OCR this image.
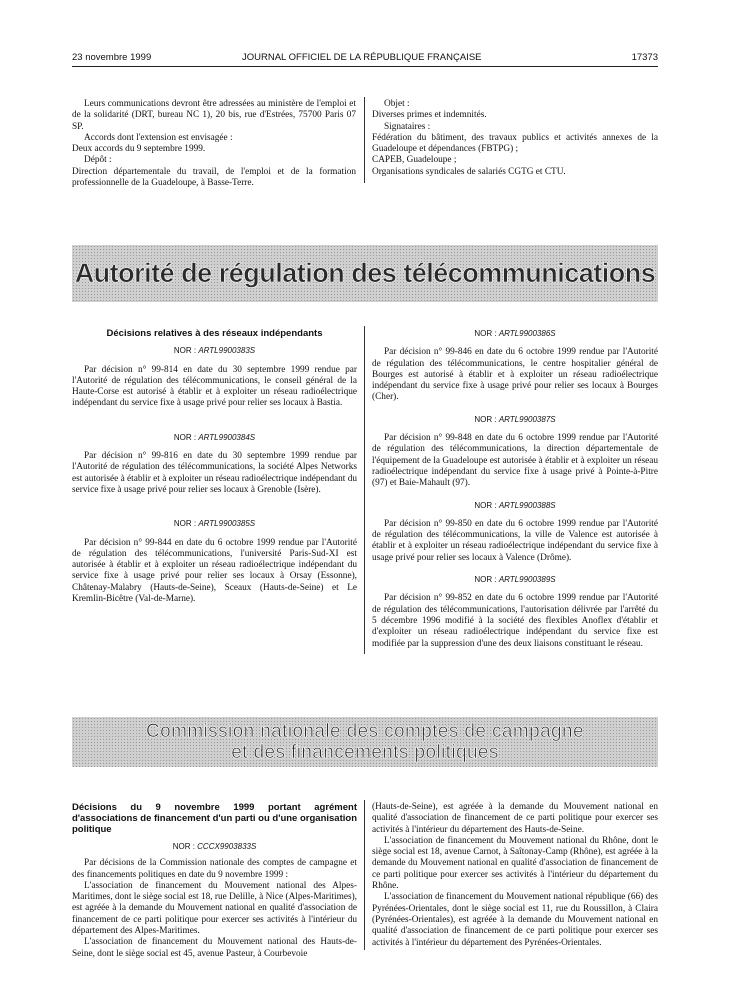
23 novembre 1999	JOURNAL OFFICIEL DE LA RÉPUBLIQUE FRANÇAISE	17373

Leurs communications devront être adressées au ministère de l'emploi et de la solidarité (DRT, bureau NC 1), 20 bis, rue d'Estrées, 75700 Paris 07 SP.

Accords dont l'extension est envisagée :

Deux accords du 9 septembre 1999.

Dépôt :

Direction départementale du travail, de l'emploi et de la formation professionnelle de la Guadeloupe, à Basse-Terre.

Objet :

Diverses primes et indemnités.

Signataires :

Fédération du bâtiment, des travaux publics et activités annexes de la Guadeloupe et dépendances (FBTPG) ;

CAPEB, Guadeloupe ;

Organisations syndicales de salariés CGTG et CTU.

Autorité de régulation des télécommunications

Décisions relatives à des réseaux indépendants

NOR : ARTL9900383S

Par décision n° 99-814 en date du 30 septembre 1999 rendue par l'Autorité de régulation des télécommunications, le conseil général de la Haute-Corse est autorisé à établir et à exploiter un réseau radioélectrique indépendant du service fixe à usage privé pour relier ses locaux à Bastia.

NOR : ARTL9900384S

Par décision n° 99-816 en date du 30 septembre 1999 rendue par l'Autorité de régulation des télécommunications, la société Alpes Networks est autorisée à établir et à exploiter un réseau radioélectrique indépendant du service fixe à usage privé pour relier ses locaux à Grenoble (Isère).

NOR : ARTL9900385S

Par décision n° 99-844 en date du 6 octobre 1999 rendue par l'Autorité de régulation des télécommunications, l'université Paris-Sud-XI est autorisée à établir et à exploiter un réseau radioélectrique indépendant du service fixe à usage privé pour relier ses locaux à Orsay (Essonne), Châtenay-Malabry (Hauts-de-Seine), Sceaux (Hauts-de-Seine) et Le Kremlin-Bicêtre (Val-de-Marne).

NOR : ARTL9900386S

Par décision n° 99-846 en date du 6 octobre 1999 rendue par l'Autorité de régulation des télécommunications, le centre hospitalier général de Bourges est autorisé à établir et à exploiter un réseau radioélectrique indépendant du service fixe à usage privé pour relier ses locaux à Bourges (Cher).

NOR : ARTL9900387S

Par décision n° 99-848 en date du 6 octobre 1999 rendue par l'Autorité de régulation des télécommunications, la direction départementale de l'équipement de la Guadeloupe est autorisée à établir et à exploiter un réseau radioélectrique indépendant du service fixe à usage privé à Pointe-à-Pitre (97) et Baie-Mahault (97).

NOR : ARTL9900388S

Par décision n° 99-850 en date du 6 octobre 1999 rendue par l'Autorité de régulation des télécommunications, la ville de Valence est autorisée à établir et à exploiter un réseau radioélectrique indépendant du service fixe à usage privé pour relier ses locaux à Valence (Drôme).

NOR : ARTL9900389S

Par décision n° 99-852 en date du 6 octobre 1999 rendue par l'Autorité de régulation des télécommunications, l'autorisation délivrée par l'arrêté du 5 décembre 1996 modifié à la société des flexibles Anoflex d'établir et d'exploiter un réseau radioélectrique indépendant du service fixe est modifiée par la suppression d'une des deux liaisons constituant le réseau.

Commission nationale des comptes de campagne
et des financements politiques

Décisions du 9 novembre 1999 portant agrément d'associations de financement d'un parti ou d'une organisation politique

NOR : CCCX9903833S

Par décisions de la Commission nationale des comptes de campagne et des financements politiques en date du 9 novembre 1999 :

L'association de financement du Mouvement national des Alpes-Maritimes, dont le siège social est 18, rue Delille, à Nice (Alpes-Maritimes), est agréée à la demande du Mouvement national en qualité d'association de financement de ce parti politique pour exercer ses activités à l'intérieur du département des Alpes-Maritimes.

L'association de financement du Mouvement national des Hauts-de-Seine, dont le siège social est 45, avenue Pasteur, à Courbevoie

(Hauts-de-Seine), est agréée à la demande du Mouvement national en qualité d'association de financement de ce parti politique pour exercer ses activités à l'intérieur du département des Hauts-de-Seine.

L'association de financement du Mouvement national du Rhône, dont le siège social est 18, avenue Carnot, à Saîtonay-Camp (Rhône), est agréée à la demande du Mouvement national en qualité d'association de financement de ce parti politique pour exercer ses activités à l'intérieur du département du Rhône.

L'association de financement du Mouvement national république (66) des Pyrénées-Orientales, dont le siège social est 11, rue du Roussillon, à Claira (Pyrénées-Orientales), est agréée à la demande du Mouvement national en qualité d'association de financement de ce parti politique pour exercer ses activités à l'intérieur du département des Pyrénées-Orientales.
